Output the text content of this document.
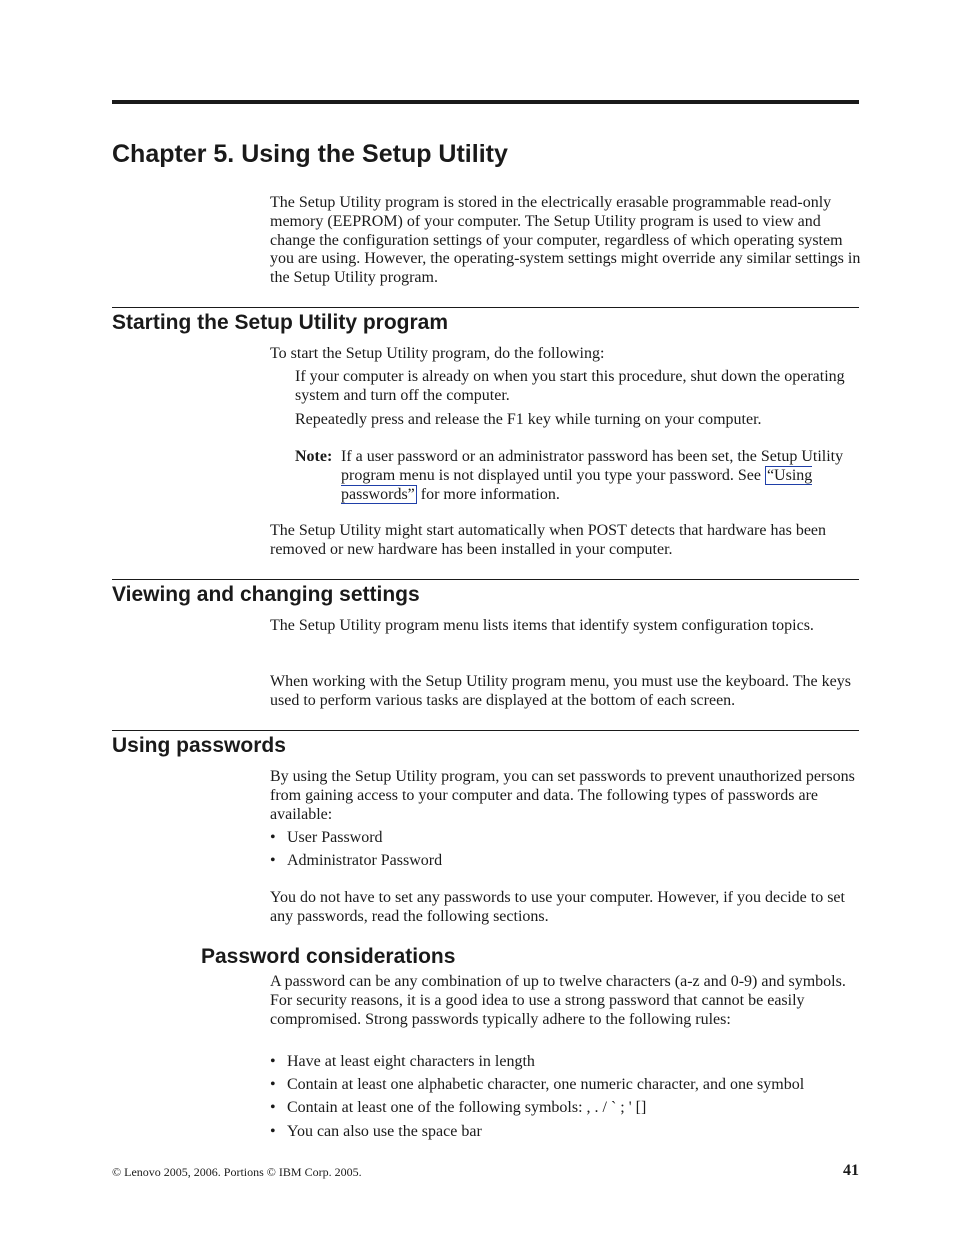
Chapter 5. Using the Setup Utility

The Setup Utility program is stored in the electrically erasable programmable read-only memory (EEPROM) of your computer. The Setup Utility program is used to view and change the configuration settings of your computer, regardless of which operating system you are using. However, the operating-system settings might override any similar settings in the Setup Utility program.

Starting the Setup Utility program

To start the Setup Utility program, do the following:

If your computer is already on when you start this procedure, shut down the operating system and turn off the computer.

Repeatedly press and release the F1 key while turning on your computer.

Note: If a user password or an administrator password has been set, the Setup Utility program menu is not displayed until you type your password. See “Using passwords” for more information.

The Setup Utility might start automatically when POST detects that hardware has been removed or new hardware has been installed in your computer.

Viewing and changing settings

The Setup Utility program menu lists items that identify system configuration topics.

When working with the Setup Utility program menu, you must use the keyboard. The keys used to perform various tasks are displayed at the bottom of each screen.

Using passwords

By using the Setup Utility program, you can set passwords to prevent unauthorized persons from gaining access to your computer and data. The following types of passwords are available:

• User Password
• Administrator Password

You do not have to set any passwords to use your computer. However, if you decide to set any passwords, read the following sections.

Password considerations

A password can be any combination of up to twelve characters (a-z and 0-9) and symbols. For security reasons, it is a good idea to use a strong password that cannot be easily compromised. Strong passwords typically adhere to the following rules:

• Have at least eight characters in length
• Contain at least one alphabetic character, one numeric character, and one symbol
• Contain at least one of the following symbols: , . / ` ; ' []
• You can also use the space bar
© Lenovo 2005, 2006. Portions © IBM Corp. 2005.	41
